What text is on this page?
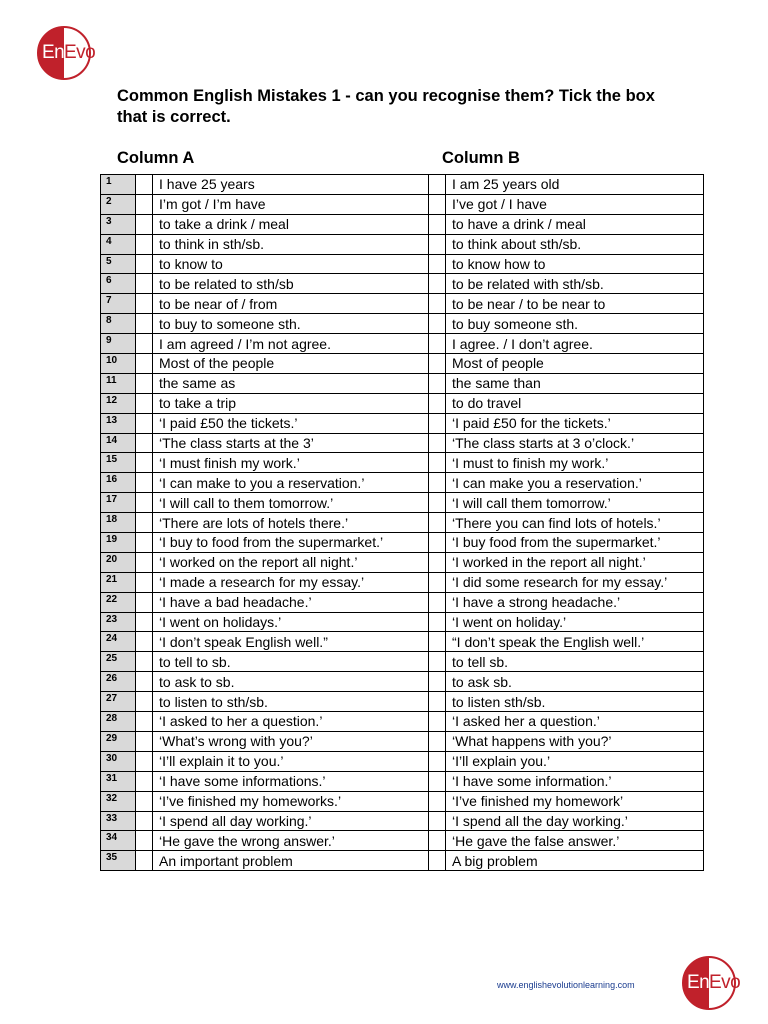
En Evo
Common English Mistakes 1 - can you recognise them? Tick the box that is correct.
Column A	Column B
1		I have 25 years		I am 25 years old
2		I’m got / I’m have		I’ve got / I have
3		to take a drink / meal		to have a drink / meal
4		to think in sth/sb.		to think about sth/sb.
5		to know to		to know how to
6		to be related to sth/sb		to be related with sth/sb.
7		to be near of / from		to be near / to be near to
8		to buy to someone sth.		to buy someone sth.
9		I am agreed / I’m not agree.		I agree. / I don’t agree.
10		Most of the people		Most of people
11		the same as		the same than
12		to take a trip		to do travel
13		‘I paid £50 the tickets.’		‘I paid £50 for the tickets.’
14		‘The class starts at the 3’		‘The class starts at 3 o’clock.’
15		‘I must finish my work.’		‘I must to finish my work.’
16		‘I can make to you a reservation.’		‘I can make you a reservation.’
17		‘I will call to them tomorrow.’		‘I will call them tomorrow.’
18		‘There are lots of hotels there.’		‘There you can find lots of hotels.’
19		‘I buy to food from the supermarket.’		‘I buy food from the supermarket.’
20		‘I worked on the report all night.’		‘I worked in the report all night.’
21		‘I made a research for my essay.’		‘I did some research for my essay.’
22		‘I have a bad headache.’		‘I have a strong headache.’
23		‘I went on holidays.’		‘I went on holiday.’
24		‘I don’t speak English well.”		“I don’t speak the English well.’
25		to tell to sb.		to tell sb.
26		to ask to sb.		to ask sb.
27		to listen to sth/sb.		to listen sth/sb.
28		‘I asked to her a question.’		‘I asked her a question.’
29		‘What’s wrong with you?’		‘What happens with you?’
30		‘I’ll explain it to you.’		‘I’ll explain you.’
31		‘I have some informations.’		‘I have some information.’
32		‘I’ve finished my homeworks.’		‘I’ve finished my homework’
33		‘I spend all day working.’		‘I spend all the day working.’
34		‘He gave the wrong answer.’		‘He gave the false answer.’
35		An important problem		A big problem
www.englishevolutionlearning.com	En Evo
